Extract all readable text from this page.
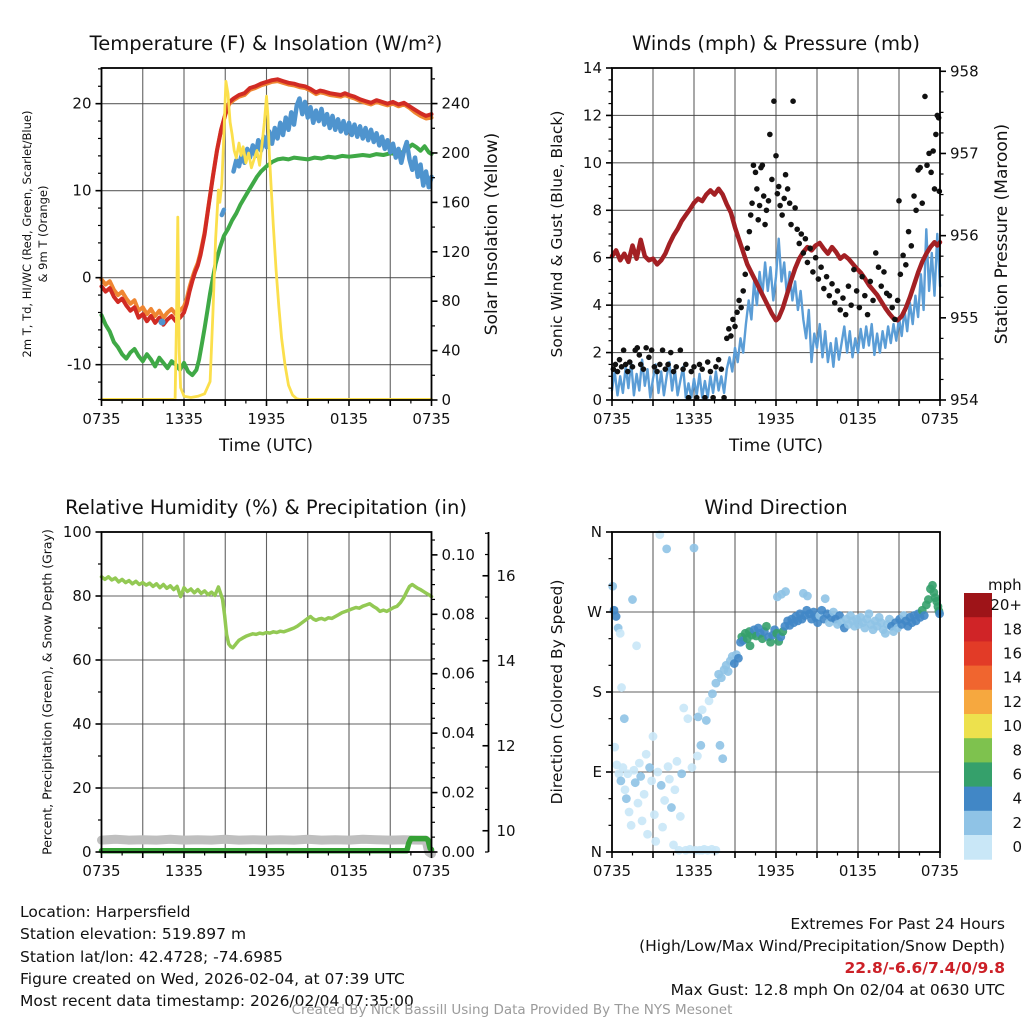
0735	1335	1935	0135	0735
-10
0
10
20
0
40
80
120
160
200
240
0735	1335	1935	0135	0735
0
2
4
6
8
10
12
14
954
955
956
957
958
0735	1335	1935	0135	0735
0
20
40
60
80
100
0.00
0.02
0.04
0.06
0.08
0.10
10
12
14
16
0735	1335	1935	0135	0735
N
E
S
W
N
20+
18
16
14
12
10
8
6
4
2
0
Temperature (F) & Insolation (W/m²)	Winds (mph) & Pressure (mb)
Relative Humidity (%) & Precipitation (in)	Wind Direction
Time (UTC)	Time (UTC)
2m T, Td, HI/WC (Red, Green, Scarlet/Blue) & 9m T (Orange)	Solar Insolation (Yellow)	Sonic Wind & Gust (Blue, Black)	Station Pressure (Maroon)
Percent, Precipitation (Green), & Snow Depth (Gray)	Direction (Colored By Speed)	mph
Location: Harpersfield
Station elevation: 519.897 m
Station lat/lon: 42.4728; -74.6985
Figure created on Wed, 2026-02-04, at 07:39 UTC
Most recent data timestamp: 2026/02/04 07:35:00
Extremes For Past 24 Hours
(High/Low/Max Wind/Precipitation/Snow Depth)
22.8/-6.6/7.4/0/9.8
Max Gust: 12.8 mph On 02/04 at 0630 UTC
Created By Nick Bassill Using Data Provided By The NYS Mesonet
